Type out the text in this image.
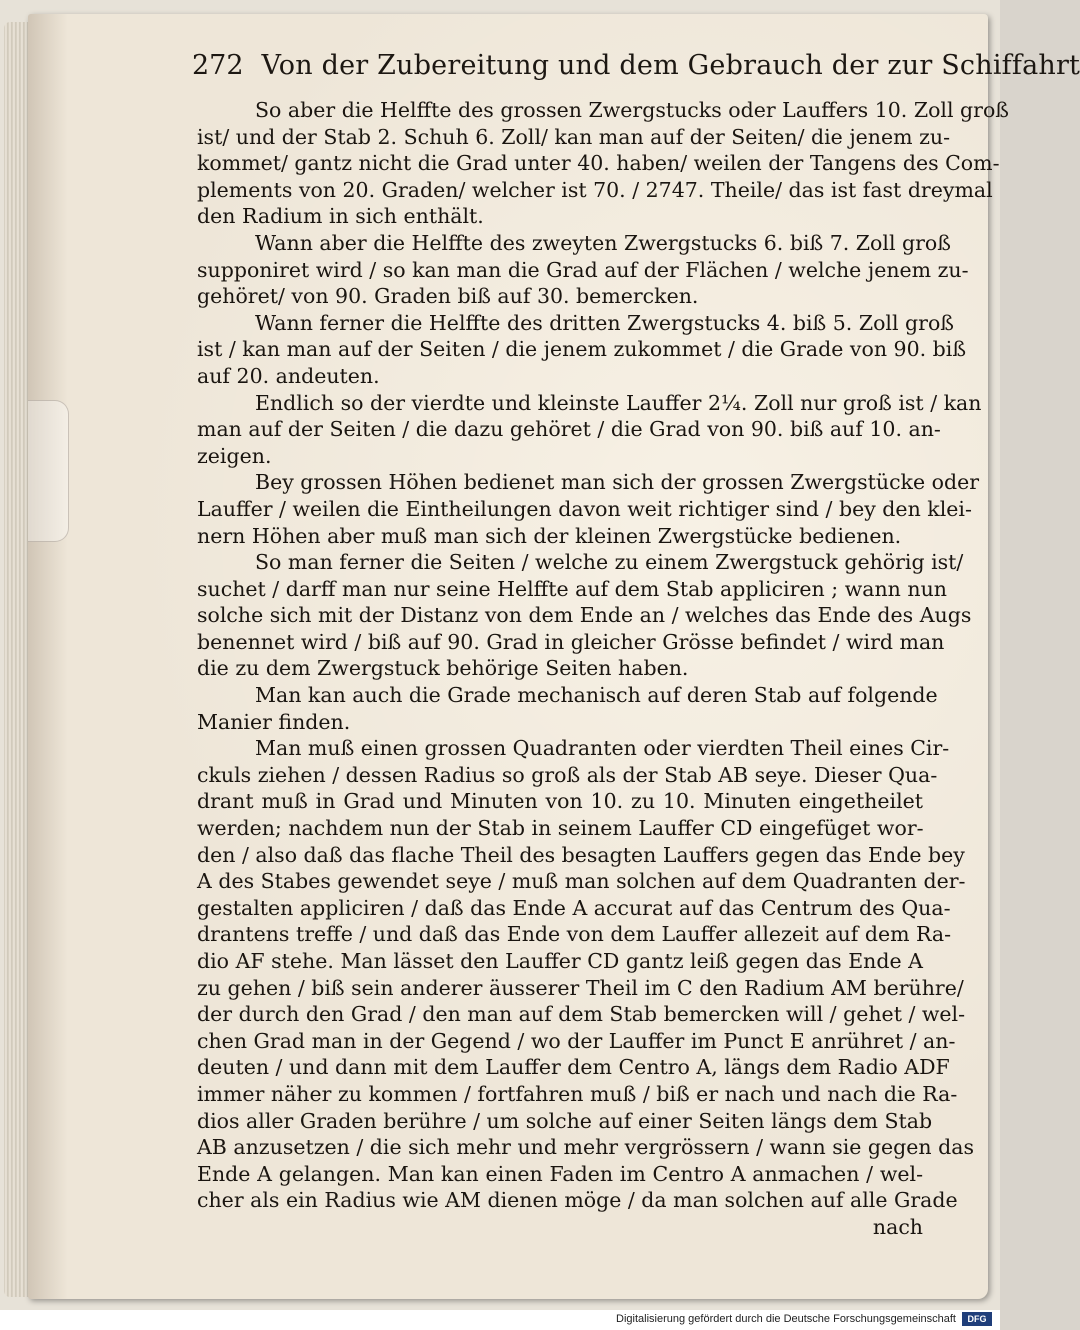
272 Von der Zubereitung und dem Gebrauch der zur Schiffahrt
So aber die Helffte des grossen Zwergstucks oder Lauffers 10. Zoll groß
ist/ und der Stab 2. Schuh 6. Zoll/ kan man auf der Seiten/ die jenem zu-
kommet/ gantz nicht die Grad unter 40. haben/ weilen der Tangens des Com-
plements von 20. Graden/ welcher ist 70. / 2747. Theile/ das ist fast dreymal
den Radium in sich enthält.
Wann aber die Helffte des zweyten Zwergstucks 6. biß 7. Zoll groß
supponiret wird / so kan man die Grad auf der Flächen / welche jenem zu-
gehöret/ von 90. Graden biß auf 30. bemercken.
Wann ferner die Helffte des dritten Zwergstucks 4. biß 5. Zoll groß
ist / kan man auf der Seiten / die jenem zukommet / die Grade von 90. biß
auf 20. andeuten.
Endlich so der vierdte und kleinste Lauffer 2¼. Zoll nur groß ist / kan
man auf der Seiten / die dazu gehöret / die Grad von 90. biß auf 10. an-
zeigen.
Bey grossen Höhen bedienet man sich der grossen Zwergstücke oder
Lauffer / weilen die Eintheilungen davon weit richtiger sind / bey den klei-
nern Höhen aber muß man sich der kleinen Zwergstücke bedienen.
So man ferner die Seiten / welche zu einem Zwergstuck gehörig ist/
suchet / darff man nur seine Helffte auf dem Stab appliciren ; wann nun
solche sich mit der Distanz von dem Ende an / welches das Ende des Augs
benennet wird / biß auf 90. Grad in gleicher Grösse befindet / wird man
die zu dem Zwergstuck behörige Seiten haben.
Man kan auch die Grade mechanisch auf deren Stab auf folgende
Manier finden.
Man muß einen grossen Quadranten oder vierdten Theil eines Cir-
ckuls ziehen / dessen Radius so groß als der Stab AB seye. Dieser Qua-
drant muß in Grad und Minuten von 10. zu 10. Minuten eingetheilet
werden; nachdem nun der Stab in seinem Lauffer CD eingefüget wor-
den / also daß das flache Theil des besagten Lauffers gegen das Ende bey
A des Stabes gewendet seye / muß man solchen auf dem Quadranten der-
gestalten appliciren / daß das Ende A accurat auf das Centrum des Qua-
drantens treffe / und daß das Ende von dem Lauffer allezeit auf dem Ra-
dio AF stehe. Man lässet den Lauffer CD gantz leiß gegen das Ende A
zu gehen / biß sein anderer äusserer Theil im C den Radium AM berühre/
der durch den Grad / den man auf dem Stab bemercken will / gehet / wel-
chen Grad man in der Gegend / wo der Lauffer im Punct E anrühret / an-
deuten / und dann mit dem Lauffer dem Centro A, längs dem Radio ADF
immer näher zu kommen / fortfahren muß / biß er nach und nach die Ra-
dios aller Graden berühre / um solche auf einer Seiten längs dem Stab
AB anzusetzen / die sich mehr und mehr vergrössern / wann sie gegen das
Ende A gelangen. Man kan einen Faden im Centro A anmachen / wel-
cher als ein Radius wie AM dienen möge / da man solchen auf alle Grade
nach
Digitalisierung gefördert durch die Deutsche Forschungsgemeinschaft	DFG
